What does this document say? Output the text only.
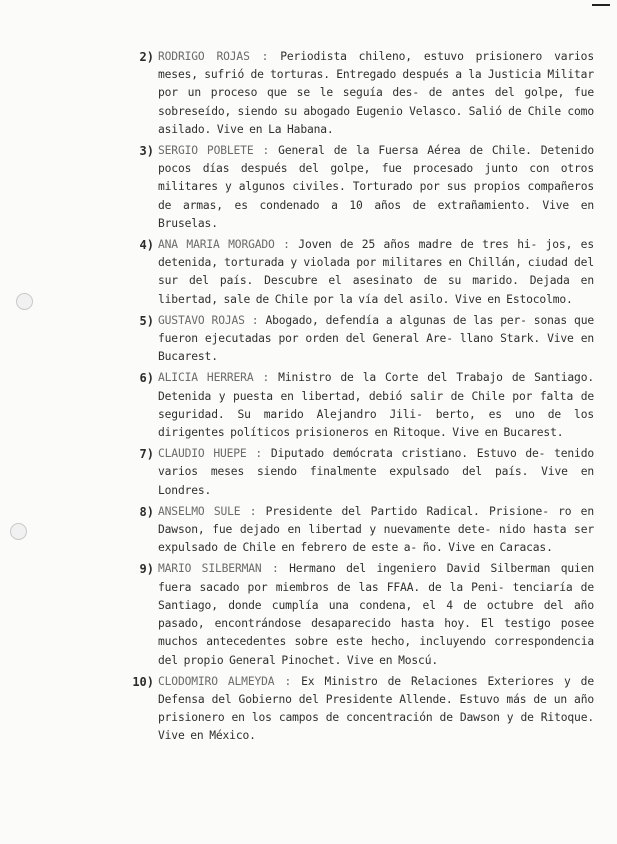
2) RODRIGO ROJAS : Periodista chileno, estuvo prisionero varios meses, sufrió de torturas. Entregado después a la Justicia Militar por un proceso que se le seguía des- de antes del golpe, fue sobreseído, siendo su abogado Eugenio Velasco. Salió de Chile como asilado. Vive en La Habana.
3) SERGIO POBLETE : General de la Fuersa Aérea de Chile. Detenido pocos días después del golpe, fue procesado junto con otros militares y algunos civiles. Torturado por sus propios compañeros de armas, es condenado a 10 años de extrañamiento. Vive en Bruselas.
4) ANA MARIA MORGADO : Joven de 25 años madre de tres hi- jos, es detenida, torturada y violada por militares en Chillán, ciudad del sur del país. Descubre el asesinato de su marido. Dejada en libertad, sale de Chile por la vía del asilo. Vive en Estocolmo.
5) GUSTAVO ROJAS : Abogado, defendía a algunas de las per- sonas que fueron ejecutadas por orden del General Are- llano Stark. Vive en Bucarest.
6) ALICIA HERRERA : Ministro de la Corte del Trabajo de Santiago. Detenida y puesta en libertad, debió salir de Chile por falta de seguridad. Su marido Alejandro Jili- berto, es uno de los dirigentes políticos prisioneros en Ritoque. Vive en Bucarest.
7) CLAUDIO HUEPE : Diputado demócrata cristiano. Estuvo de- tenido varios meses siendo finalmente expulsado del país. Vive en Londres.
8) ANSELMO SULE : Presidente del Partido Radical. Prisione- ro en Dawson, fue dejado en libertad y nuevamente dete- nido hasta ser expulsado de Chile en febrero de este a- ño. Vive en Caracas.
9) MARIO SILBERMAN : Hermano del ingeniero David Silberman quien fuera sacado por miembros de las FFAA. de la Peni- tenciaría de Santiago, donde cumplía una condena, el 4 de octubre del año pasado, encontrándose desaparecido hasta hoy. El testigo posee muchos antecedentes sobre este hecho, incluyendo correspondencia del propio General Pinochet. Vive en Moscú.
10) CLODOMIRO ALMEYDA : Ex Ministro de Relaciones Exteriores y de Defensa del Gobierno del Presidente Allende. Estuvo más de un año prisionero en los campos de concentración de Dawson y de Ritoque. Vive en México.
